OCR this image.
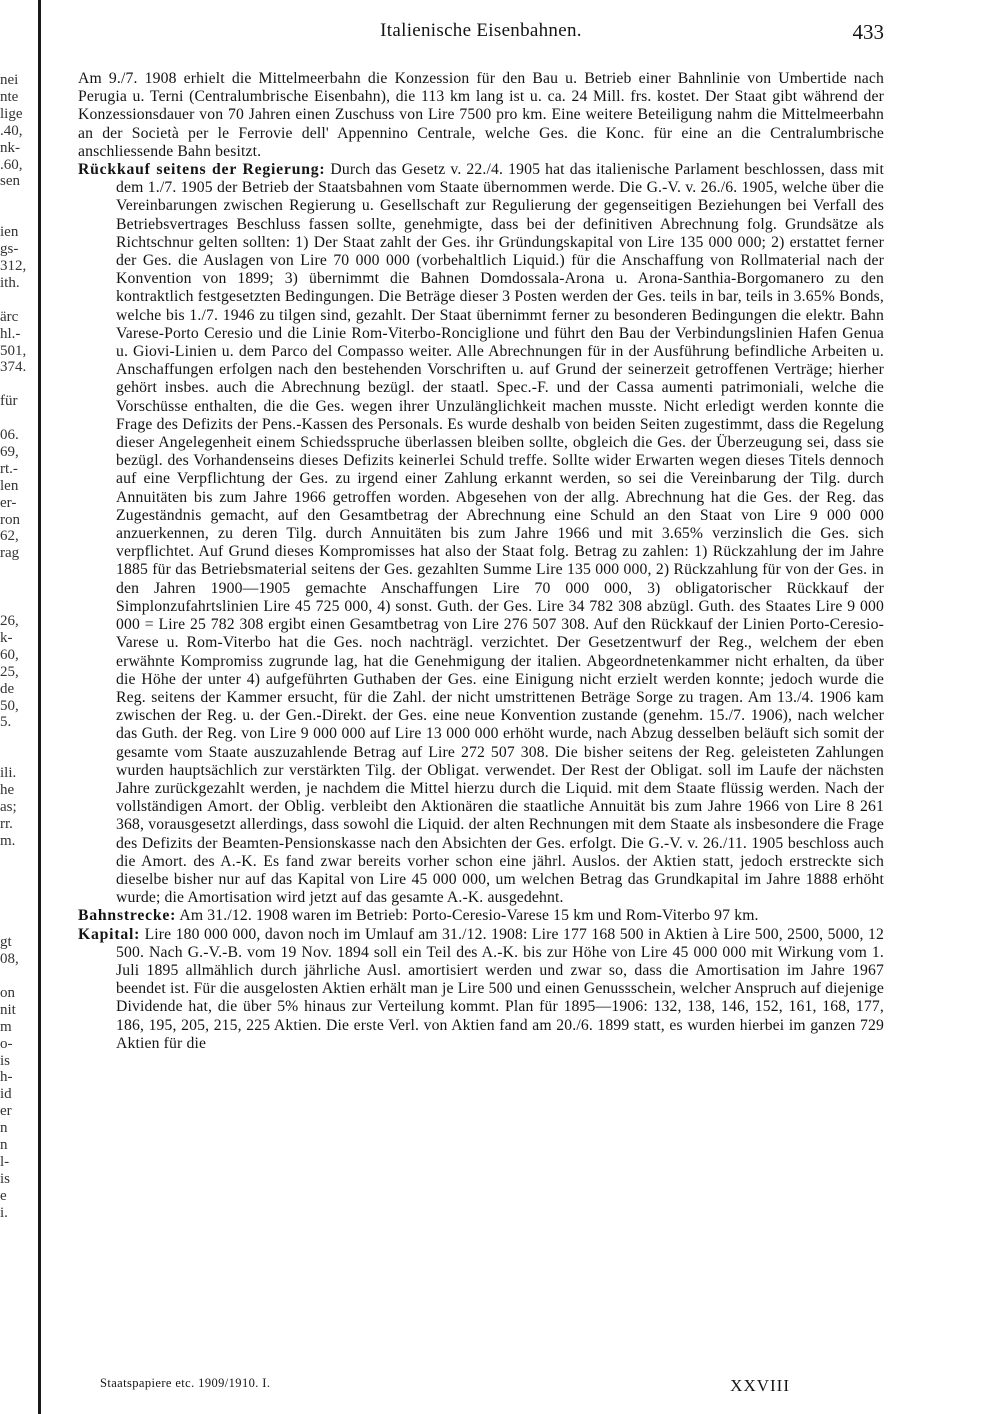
nei
nte
lige
.40,
nk-
.60,
sen

ien
gs-
312,
ith.

ärc
hl.-
501,
374.

für

06.
69,
rt.-
len
er-
ron
62,
rag

26,
k-
60,
25,
de
50,
5.

ili.
he
as;
rr.
m.

gt
08,

on
nit
m
o-
is
h-
id
er
n
n
l-
is
e
i.
Italienische Eisenbahnen.	433

Am 9./7. 1908 erhielt die Mittelmeerbahn die Konzession für den Bau u. Betrieb einer Bahnlinie von Umbertide nach Perugia u. Terni (Centralumbrische Eisenbahn), die 113 km lang ist u. ca. 24 Mill. frs. kostet. Der Staat gibt während der Konzessionsdauer von 70 Jahren einen Zuschuss von Lire 7500 pro km. Eine weitere Beteiligung nahm die Mittelmeerbahn an der Società per le Ferrovie dell' Appennino Centrale, welche Ges. die Konc. für eine an die Centralumbrische anschliessende Bahn besitzt.

Rückkauf seitens der Regierung: Durch das Gesetz v. 22./4. 1905 hat das italienische Parlament beschlossen, dass mit dem 1./7. 1905 der Betrieb der Staatsbahnen vom Staate übernommen werde. Die G.-V. v. 26./6. 1905, welche über die Vereinbarungen zwischen Regierung u. Gesellschaft zur Regulierung der gegenseitigen Beziehungen bei Verfall des Betriebsvertrages Beschluss fassen sollte, genehmigte, dass bei der definitiven Abrechnung folg. Grundsätze als Richtschnur gelten sollten: 1) Der Staat zahlt der Ges. ihr Gründungskapital von Lire 135 000 000; 2) erstattet ferner der Ges. die Auslagen von Lire 70 000 000 (vorbehaltlich Liquid.) für die Anschaffung von Rollmaterial nach der Konvention von 1899; 3) übernimmt die Bahnen Domdossala-Arona u. Arona-Santhia-Borgomanero zu den kontraktlich festgesetzten Bedingungen. Die Beträge dieser 3 Posten werden der Ges. teils in bar, teils in 3.65% Bonds, welche bis 1./7. 1946 zu tilgen sind, gezahlt. Der Staat übernimmt ferner zu besonderen Bedingungen die elektr. Bahn Varese-Porto Ceresio und die Linie Rom-Viterbo-Ronciglione und führt den Bau der Verbindungslinien Hafen Genua u. Giovi-Linien u. dem Parco del Compasso weiter. Alle Abrechnungen für in der Ausführung befindliche Arbeiten u. Anschaffungen erfolgen nach den bestehenden Vorschriften u. auf Grund der seinerzeit getroffenen Verträge; hierher gehört insbes. auch die Abrechnung bezügl. der staatl. Spec.-F. und der Cassa aumenti patrimoniali, welche die Vorschüsse enthalten, die die Ges. wegen ihrer Unzulänglichkeit machen musste. Nicht erledigt werden konnte die Frage des Defizits der Pens.-Kassen des Personals. Es wurde deshalb von beiden Seiten zugestimmt, dass die Regelung dieser Angelegenheit einem Schiedsspruche überlassen bleiben sollte, obgleich die Ges. der Überzeugung sei, dass sie bezügl. des Vorhandenseins dieses Defizits keinerlei Schuld treffe. Sollte wider Erwarten wegen dieses Titels dennoch auf eine Verpflichtung der Ges. zu irgend einer Zahlung erkannt werden, so sei die Vereinbarung der Tilg. durch Annuitäten bis zum Jahre 1966 getroffen worden. Abgesehen von der allg. Abrechnung hat die Ges. der Reg. das Zugeständnis gemacht, auf den Gesamtbetrag der Abrechnung eine Schuld an den Staat von Lire 9 000 000 anzuerkennen, zu deren Tilg. durch Annuitäten bis zum Jahre 1966 und mit 3.65% verzinslich die Ges. sich verpflichtet. Auf Grund dieses Kompromisses hat also der Staat folg. Betrag zu zahlen: 1) Rückzahlung der im Jahre 1885 für das Betriebsmaterial seitens der Ges. gezahlten Summe Lire 135 000 000, 2) Rückzahlung für von der Ges. in den Jahren 1900—1905 gemachte Anschaffungen Lire 70 000 000, 3) obligatorischer Rückkauf der Simplonzufahrtslinien Lire 45 725 000, 4) sonst. Guth. der Ges. Lire 34 782 308 abzügl. Guth. des Staates Lire 9 000 000 = Lire 25 782 308 ergibt einen Gesamtbetrag von Lire 276 507 308. Auf den Rückkauf der Linien Porto-Ceresio-Varese u. Rom-Viterbo hat die Ges. noch nachträgl. verzichtet. Der Gesetzentwurf der Reg., welchem der eben erwähnte Kompromiss zugrunde lag, hat die Genehmigung der italien. Abgeordnetenkammer nicht erhalten, da über die Höhe der unter 4) aufgeführten Guthaben der Ges. eine Einigung nicht erzielt werden konnte; jedoch wurde die Reg. seitens der Kammer ersucht, für die Zahl. der nicht umstrittenen Beträge Sorge zu tragen. Am 13./4. 1906 kam zwischen der Reg. u. der Gen.-Direkt. der Ges. eine neue Konvention zustande (genehm. 15./7. 1906), nach welcher das Guth. der Reg. von Lire 9 000 000 auf Lire 13 000 000 erhöht wurde, nach Abzug desselben beläuft sich somit der gesamte vom Staate auszuzahlende Betrag auf Lire 272 507 308. Die bisher seitens der Reg. geleisteten Zahlungen wurden hauptsächlich zur verstärkten Tilg. der Obligat. verwendet. Der Rest der Obligat. soll im Laufe der nächsten Jahre zurückgezahlt werden, je nachdem die Mittel hierzu durch die Liquid. mit dem Staate flüssig werden. Nach der vollständigen Amort. der Oblig. verbleibt den Aktionären die staatliche Annuität bis zum Jahre 1966 von Lire 8 261 368, vorausgesetzt allerdings, dass sowohl die Liquid. der alten Rechnungen mit dem Staate als insbesondere die Frage des Defizits der Beamten-Pensionskasse nach den Absichten der Ges. erfolgt. Die G.-V. v. 26./11. 1905 beschloss auch die Amort. des A.-K. Es fand zwar bereits vorher schon eine jährl. Auslos. der Aktien statt, jedoch erstreckte sich dieselbe bisher nur auf das Kapital von Lire 45 000 000, um welchen Betrag das Grundkapital im Jahre 1888 erhöht wurde; die Amortisation wird jetzt auf das gesamte A.-K. ausgedehnt.

Bahnstrecke: Am 31./12. 1908 waren im Betrieb: Porto-Ceresio-Varese 15 km und Rom-Viterbo 97 km.

Kapital: Lire 180 000 000, davon noch im Umlauf am 31./12. 1908: Lire 177 168 500 in Aktien à Lire 500, 2500, 5000, 12 500. Nach G.-V.-B. vom 19 Nov. 1894 soll ein Teil des A.-K. bis zur Höhe von Lire 45 000 000 mit Wirkung vom 1. Juli 1895 allmählich durch jährliche Ausl. amortisiert werden und zwar so, dass die Amortisation im Jahre 1967 beendet ist. Für die ausgelosten Aktien erhält man je Lire 500 und einen Genussschein, welcher Anspruch auf diejenige Dividende hat, die über 5% hinaus zur Verteilung kommt. Plan für 1895—1906: 132, 138, 146, 152, 161, 168, 177, 186, 195, 205, 215, 225 Aktien. Die erste Verl. von Aktien fand am 20./6. 1899 statt, es wurden hierbei im ganzen 729 Aktien für die

Staatspapiere etc. 1909/1910. I.	XXVIII
